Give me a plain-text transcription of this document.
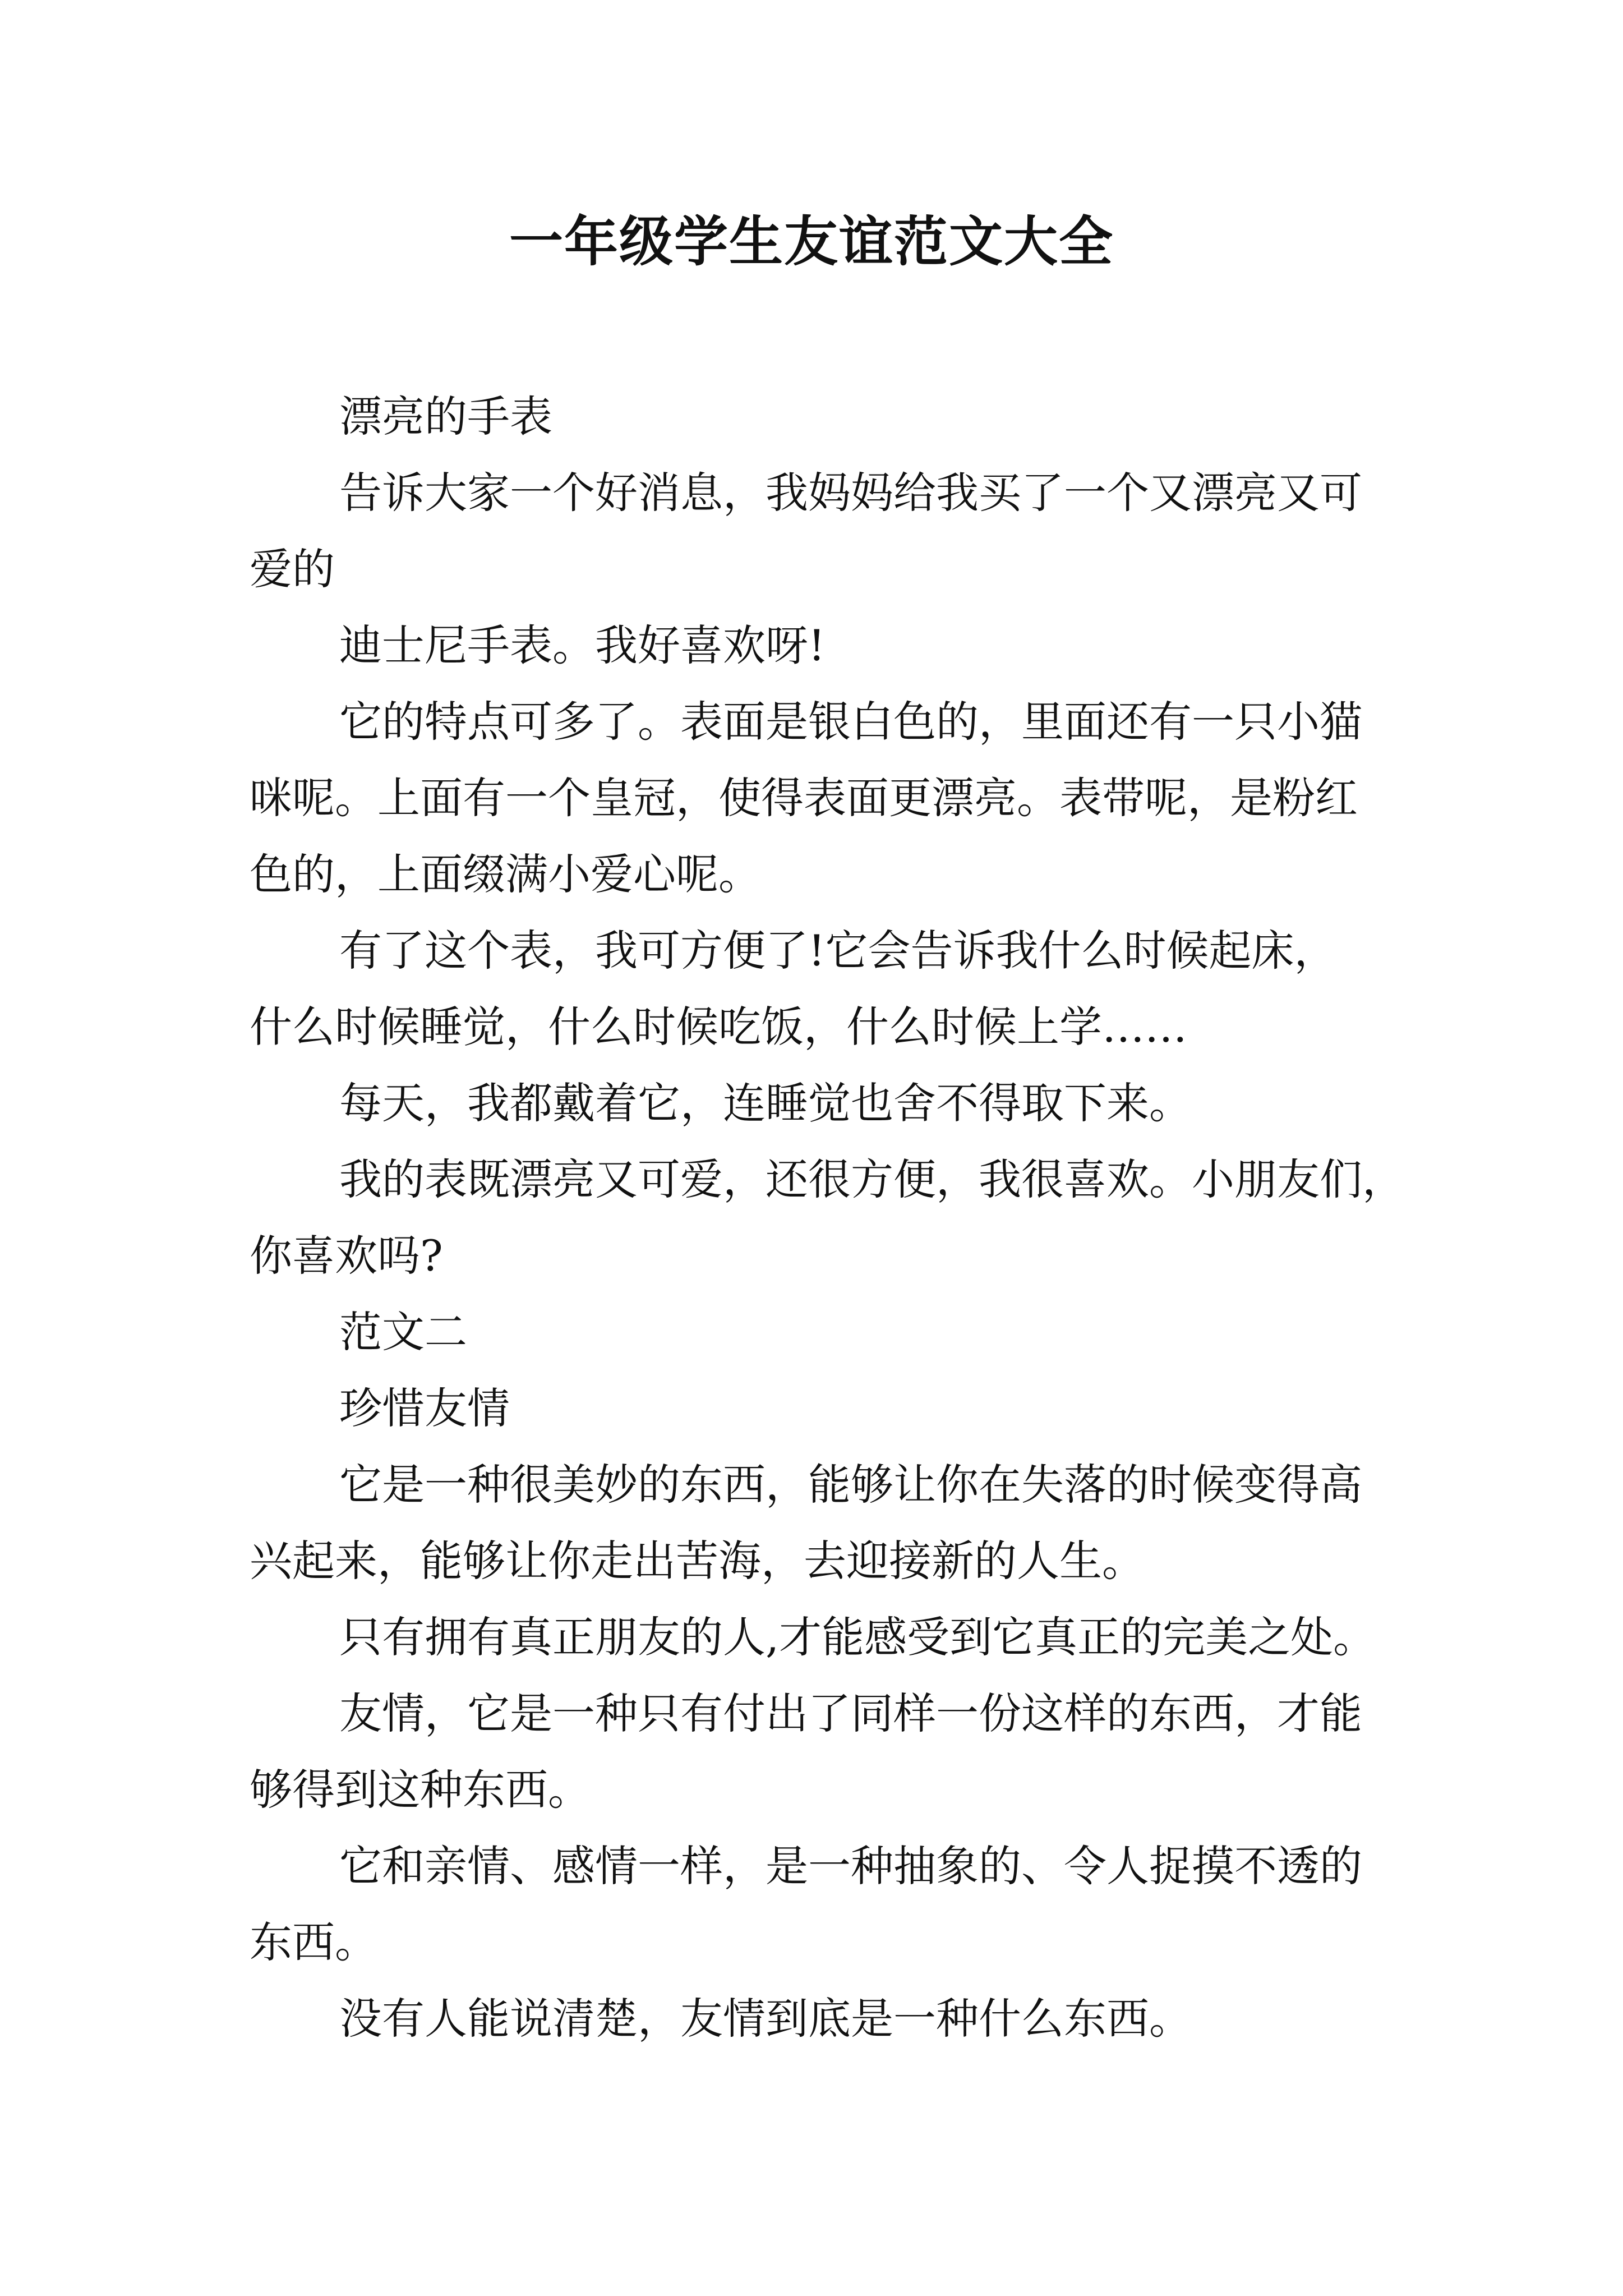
一年级学生友谊范文大全

漂亮的手表

告诉大家一个好消息，我妈妈给我买了一个又漂亮又可

爱的

迪士尼手表。我好喜欢呀!

它的特点可多了。表面是银白色的，里面还有一只小猫

咪呢。上面有一个皇冠，使得表面更漂亮。表带呢，是粉红

色的，上面缀满小爱心呢。

有了这个表，我可方便了!它会告诉我什么时候起床，

什么时候睡觉，什么时候吃饭，什么时候上学……

每天，我都戴着它，连睡觉也舍不得取下来。

我的表既漂亮又可爱，还很方便，我很喜欢。小朋友们，

你喜欢吗?

范文二

珍惜友情

它是一种很美妙的东西，能够让你在失落的时候变得高

兴起来，能够让你走出苦海，去迎接新的人生。

只有拥有真正朋友的人,才能感受到它真正的完美之处。

友情，它是一种只有付出了同样一份这样的东西，才能

够得到这种东西。

它和亲情、感情一样，是一种抽象的、令人捉摸不透的

东西。

没有人能说清楚，友情到底是一种什么东西。
